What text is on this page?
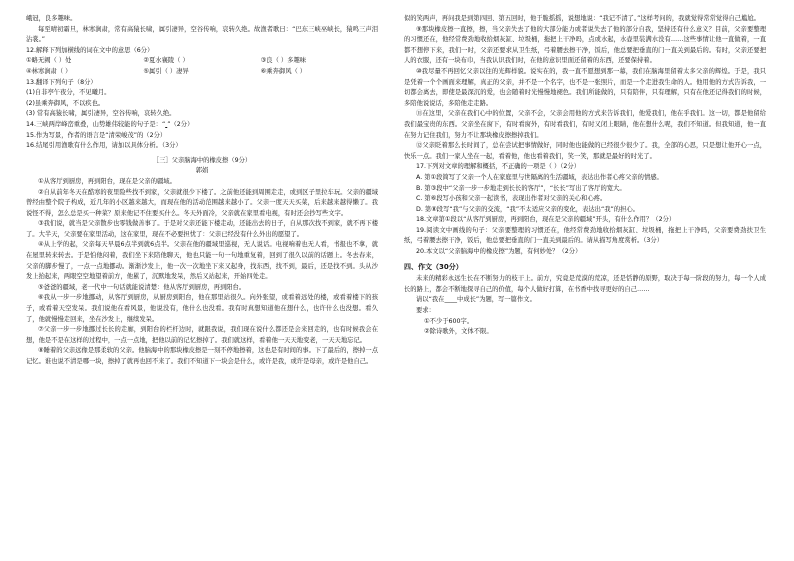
峨冠，良多趣味。

每至晴初霜旦，林寒涧肃，常有高猿长啸，属引凄异，空谷传响，哀转久绝。故渔者歌曰：“巴东三峡巫峡长，猿鸣三声泪沾裳。”

12.解释下列加横线的词在文中的意思（6分）

①略无阙（ ）处	②夏水襄陵（ ）	③良（ ）多趣味
④林寒涧肃（ ）	⑤属引（ ）凄异	⑥乘奔御风（ ）

13.翻译下列句子（8分）

(1)自非亭午夜分，不见曦月。

(2)虽乘奔御风，不以疾也。

(3) 常有高猿长啸，属引凄异，空谷传响，哀转久绝。

14.三峡两岸峰峦重叠，山势雄伟较能的句子是：“ ”（2分）

15.作为写景，作者的语言是“清荣峻茂”的（2分）

16.结尾引用渔歌有什么作用，请加以具体分析。（3分）

［三］父亲脑海中的橡皮擦（9分）

郭娟

①从客厅到厨房，再到阳台，现在是父亲的疆域。

②自从前年冬天在酷寒的夜里险些找不到家，父亲就很少下楼了。之前他还能到周围走走，或到区子里拉车玩。父亲的疆域曾经由整个院子构成，近几年的小区越来越大，而现在他的活动范围越来越小了。父亲一度天天买菜，后来越来越得懒了。我说怪不得，怎么总是买一种菜？原来他记不住要买什么。冬天外面冷，父亲就在家里看电视，有时还会抄写些文字。

③我们说，就当是父亲散步也零钱做善事了。于是对父亲还能下楼走动，还能出去的日子，自从那次找不到家，就不再下楼了。大半天，父亲要在家里活动，这在家里，现在不必要担忧了：父亲已经没有什么外出的愿望了。

④从上学的起，父亲每天早晨6点半到就6点半。父亲在他的疆域里巡视，无人说话。电视响着也无人看，书报也不拿，就在屋里转来转去。于是怕他闷着，我们坐下来陪他聊天，他也只能一句一句地重复着，回到了很久以前的话题上。冬去春来，父亲的脚步慢了，一点一点地挪动。渐渐沙发上，他一次一次地坐下来又起身，找东西，找不到，最后，还是找不到。头从沙发上抬起来，两眼空空地望着前方，他累了，沉默地发呆，然后又站起来，开始四处走。

⑤爸爸的疆域，老一代中一句话就能说清楚：他从客厅到厨房，再到阳台。

⑥我从一步一步地挪动，从客厅到厨房，从厨房到阳台，他在那里站很久。向外张望，或看着远处的楼，或看着楼下的孩子，或看着天空发呆。我们说他在看风景，他说没有，他什么也没看。我有时真想知道他在想什么，也许什么也没想。看久了，他就慢慢走回来，坐在沙发上，继续发呆。

⑦父亲一步一步地挪过长长的走廊，到阳台的栏杆边时，就跟我说，我们现在说什么都还是会来回走的，也有时候我会在想，他是不是在这样的过程中，一点一点地，把他以前的记忆擦掉了。我们就这样，看着他一天天地变老，一天天地忘记。

⑧睡着的父亲远像是那柔软的父亲。他脑海中的那块橡皮擦是一刻不停地擦着，这也是有时间的事。下了最后的，擦掉一点记忆。谁也说不清是哪一块，擦掉了就再也回不来了。我们不知道下一块会是什么，或许是我，或许是母亲，或许是他自己。

似的笑两声，再问我是到第四回、第五回时，他于脆摇摇，说想地说：“我记不清了。”这样考问的，我就觉得常常觉得自己尴尬。

⑨那块橡皮擦一直擦，擦，当父亲失去了他的大部分能力或者说失去了他的部分自我，坚持还有什么意义？目前，父亲要整理的习惯还在，他经常费劲地收拾烟灰缸、垃圾桶，拖把上干净吗，点或水起，水壶里装满水没有……这些事情让他一直做着，一直都不想停下来，我们一时，父亲还要求从卫生纸，弓着腰去擦干净，饭后，他总要把垂直的门一直关到最后的。有时，父亲还要把人的衣服，还有一块布巾，当我认识我们时，在他的意识里面还留着的东西，还要保持着。

⑩我尽量不再回忆父亲以往的光辉样貌。说实在的，我一直不愿想到那一幕，我们在脑海里留着太多父亲的辉煌。于是，我只是凭着一个个画面来理解，真正的父亲，并不是一个名字，也不是一张照片，而是一个走进我生命的人。他用他的方式告诉我，一切都会离去，即使是最深沉的爱，也会随着时光慢慢地褪色。我们所能做的，只有陪伴，只有理解，只有在他还记得我们的时候，多陪他说说话，多陪他走走路。

⑪在这里，父亲在我们心中的位置，父亲不会，父亲会用他的方式来告诉我们，他爱我们，他在乎我们。这一切，都是他留给我们最宝贵的东西。父亲坐在窗下，有时看窗外，有时看我们，有时又闭上眼睛，他在想什么呢，我们不知道。但我知道，他一直在努力记住我们，努力不让那块橡皮擦擦掉我们。

⑫父亲眨着那么长时间了，总在尝试把事情做好，同时他也能做的已经很少很少了。我，全部的心思，只是想让他开心一点，快乐一点。我们一家人坐在一起，看着他，他也看着我们，笑一笑，那就是最好的时光了。

17.下列对文章的理解和概括，不正确的一项是（ ）（2分）

A. 第①段简写了父亲一个人在家庭里与世隔离的生活疆域，表达出作者心疼父亲的情感。

B. 第③段中“父亲一步一步地走到长长的客厅”，“长长”写出了客厅的宽大。

C. 第⑥段写小孩和父亲一起读书，表现出作者对父亲的关心和心疼。

D. 第⑧段写“我”与父亲的交流，“我”不太适应父亲的变化，表达出“我”的担心。

18.文章第①段以“从客厅到厨房，再到阳台，现在是父亲的疆域”开头，有什么作用？（2分）

19.阅读文中画线的句子：父亲要整理的习惯还在，他经常费劲地收拾烟灰缸、垃圾桶，拖把上干净吗，父亲要费劲扶卫生纸，弓着腰去擦干净，饭后，他总要把垂直的门一直关到最后的。请从描写角度赏析。（3分）

20.本文以“父亲脑海中的橡皮擦”为题，有何妙处？（2分）

四、作文（30分）

未来的精彩永远生长在不断努力的枝干上。前方，究竟是荒漠的荒凉，还是恬静的原野，取决于每一阶段的努力，每一个人成长的路上，都会不断地探寻自己的价值，每个人做好打算，在书香中找寻更好的自己……

请以“我在____中成长”为题，写一篇作文。

要求：

①不少于600字。

②除诗歌外，文体不限。
